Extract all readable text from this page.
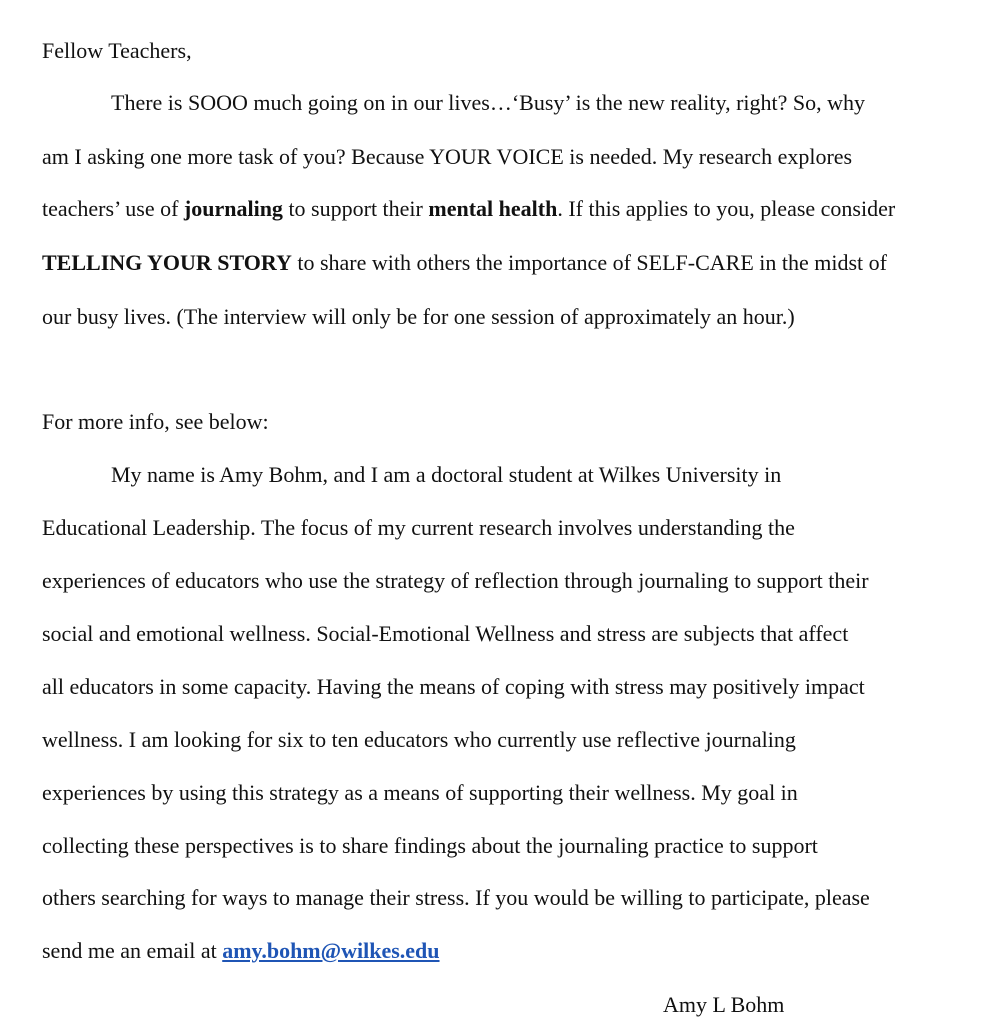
Fellow Teachers,
There is SOOO much going on in our lives…‘Busy’ is the new reality, right? So, why
am I asking one more task of you? Because YOUR VOICE is needed. My research explores
teachers’ use of journaling to support their mental health. If this applies to you, please consider
TELLING YOUR STORY to share with others the importance of SELF-CARE in the midst of
our busy lives. (The interview will only be for one session of approximately an hour.)
For more info, see below:
My name is Amy Bohm, and I am a doctoral student at Wilkes University in
Educational Leadership. The focus of my current research involves understanding the
experiences of educators who use the strategy of reflection through journaling to support their
social and emotional wellness. Social-Emotional Wellness and stress are subjects that affect
all educators in some capacity. Having the means of coping with stress may positively impact
wellness. I am looking for six to ten educators who currently use reflective journaling
experiences by using this strategy as a means of supporting their wellness. My goal in
collecting these perspectives is to share findings about the journaling practice to support
others searching for ways to manage their stress. If you would be willing to participate, please
send me an email at amy.bohm@wilkes.edu
Amy L Bohm
